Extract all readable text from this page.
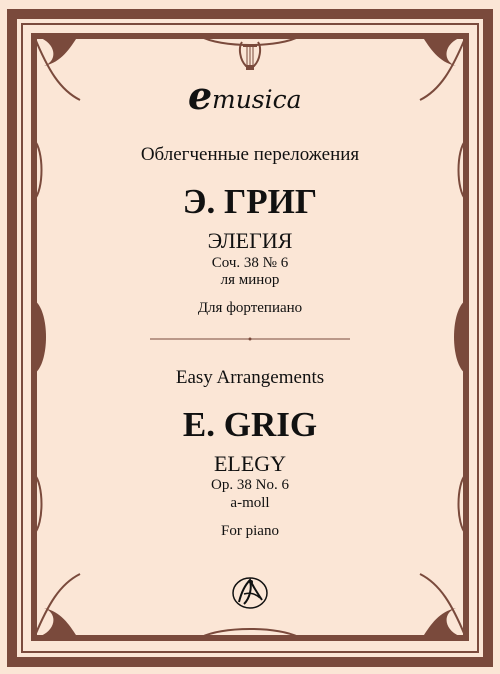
e musica
Облегченные переложения
Э. ГРИГ
ЭЛЕГИЯ
Соч. 38 № 6
ля минор
Для фортепиано
Easy Arrangements
E. GRIG
ELEGY
Op. 38 No. 6
a-moll
For piano
